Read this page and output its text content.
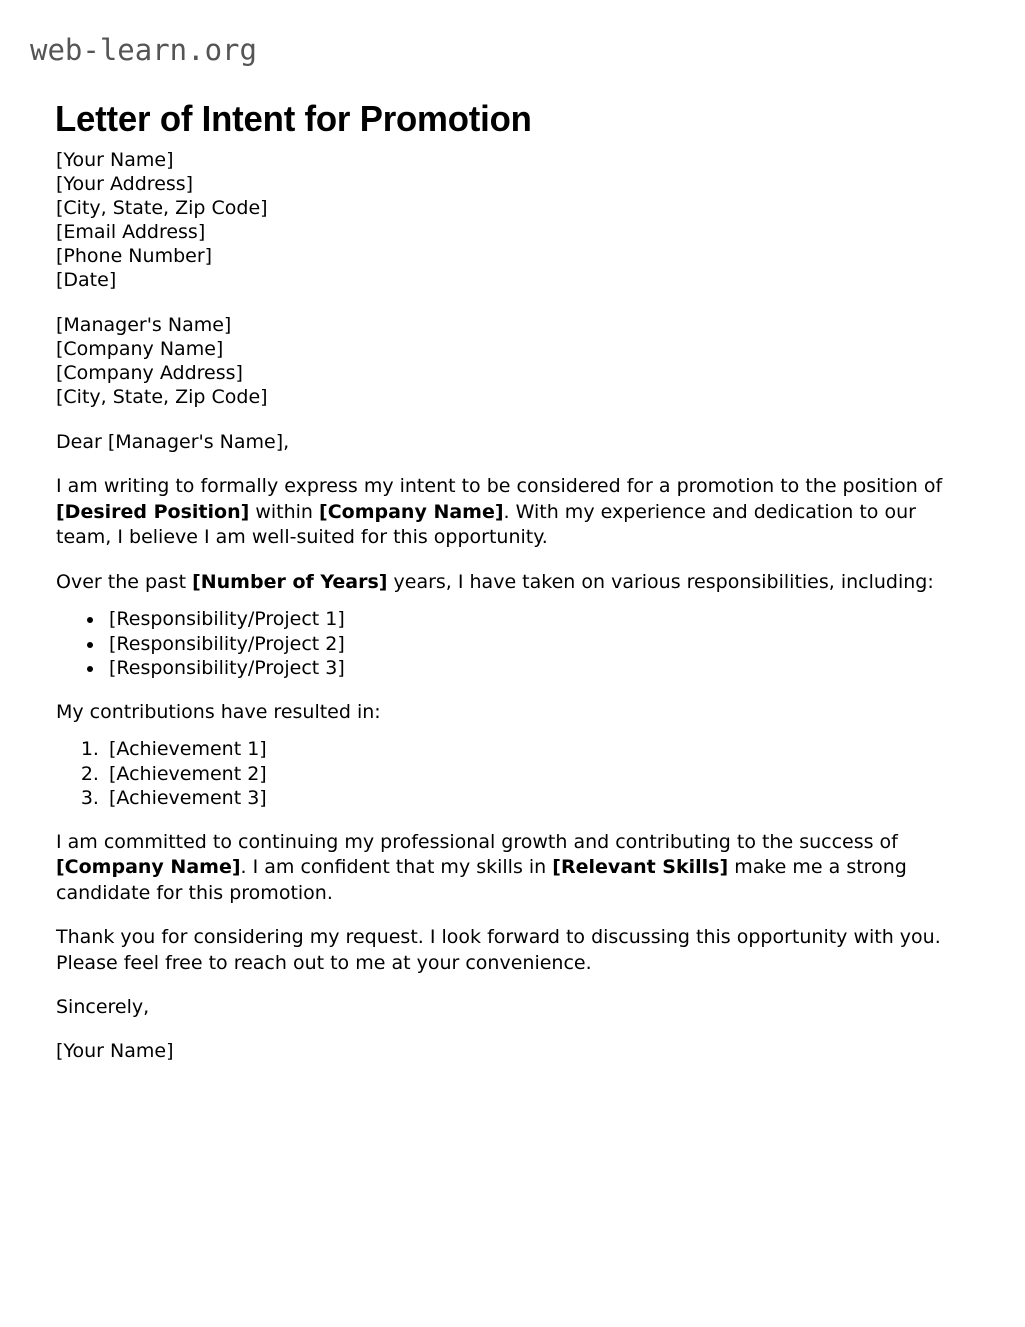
web-learn.org
Letter of Intent for Promotion
[Your Name]
[Your Address]
[City, State, Zip Code]
[Email Address]
[Phone Number]
[Date]
[Manager's Name]
[Company Name]
[Company Address]
[City, State, Zip Code]

Dear [Manager's Name],

I am writing to formally express my intent to be considered for a promotion to the position of [Desired Position] within [Company Name]. With my experience and dedication to our team, I believe I am well-suited for this opportunity.

Over the past [Number of Years] years, I have taken on various responsibilities, including:

• [Responsibility/Project 1]
• [Responsibility/Project 2]
• [Responsibility/Project 3]

My contributions have resulted in:

1. [Achievement 1]
2. [Achievement 2]
3. [Achievement 3]

I am committed to continuing my professional growth and contributing to the success of [Company Name]. I am confident that my skills in [Relevant Skills] make me a strong candidate for this promotion.

Thank you for considering my request. I look forward to discussing this opportunity with you. Please feel free to reach out to me at your convenience.

Sincerely,

[Your Name]
